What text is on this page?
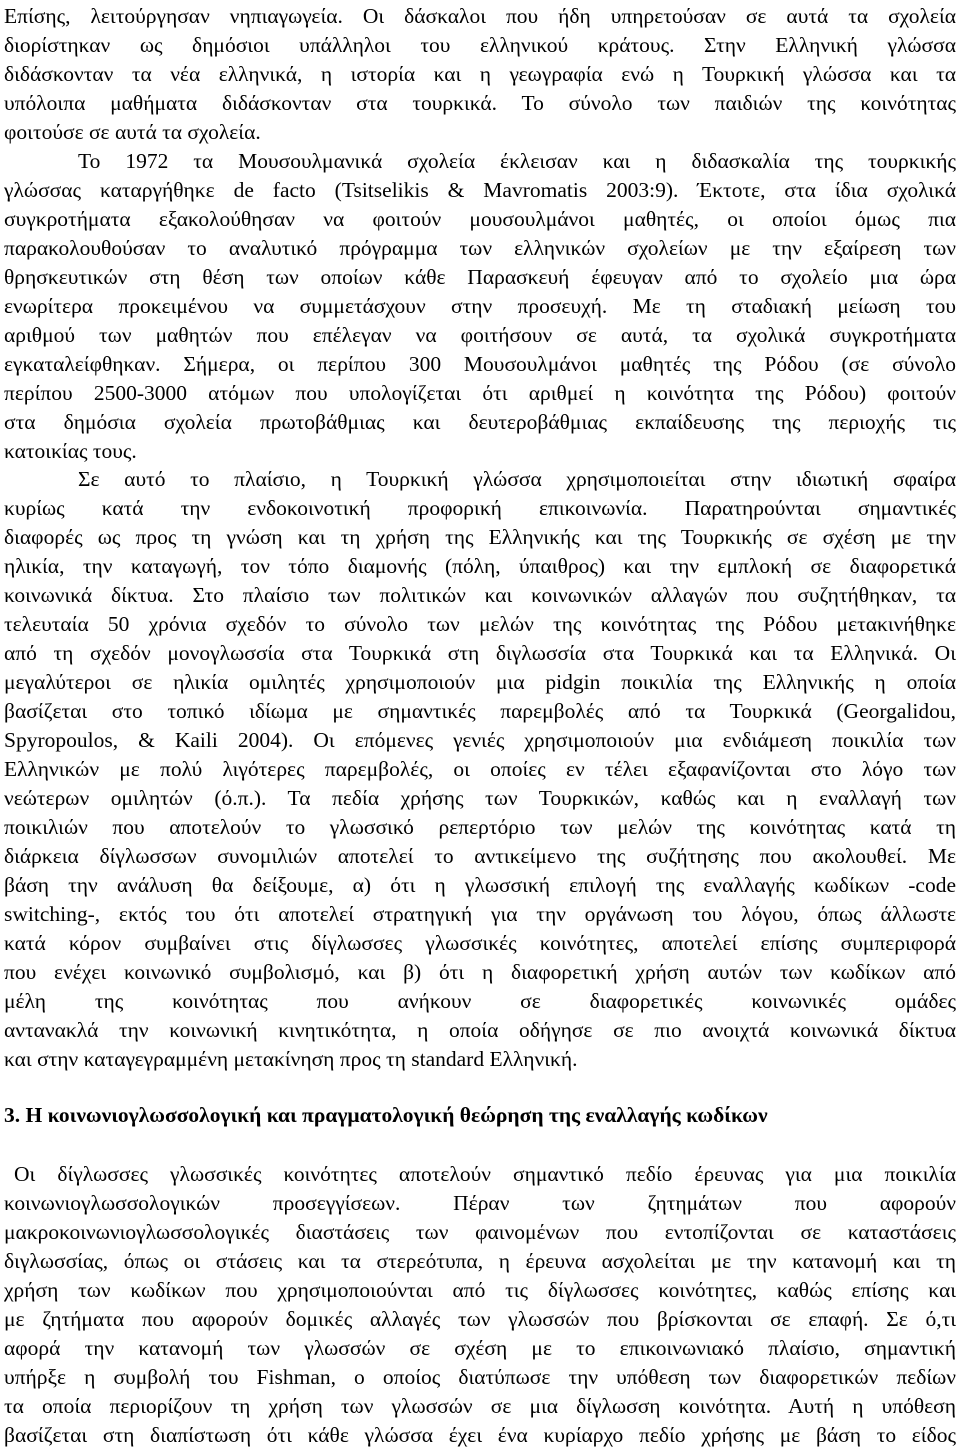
Επίσης, λειτούργησαν νηπιαγωγεία. Οι δάσκαλοι που ήδη υπηρετούσαν σε αυτά τα σχολεία
διορίστηκαν ως δημόσιοι υπάλληλοι του ελληνικού κράτους. Στην Ελληνική γλώσσα
διδάσκονταν τα νέα ελληνικά, η ιστορία και η γεωγραφία ενώ η Τουρκική γλώσσα και τα
υπόλοιπα μαθήματα διδάσκονταν στα τουρκικά. Το σύνολο των παιδιών της κοινότητας
φοιτούσε σε αυτά τα σχολεία.
Το 1972 τα Μουσουλμανικά σχολεία έκλεισαν και η διδασκαλία της τουρκικής
γλώσσας καταργήθηκε de facto (Tsitselikis & Mavromatis 2003:9). Έκτοτε, στα ίδια σχολικά
συγκροτήματα εξακολούθησαν να φοιτούν μουσουλμάνοι μαθητές, οι οποίοι όμως πια
παρακολουθούσαν το αναλυτικό πρόγραμμα των ελληνικών σχολείων με την εξαίρεση των
θρησκευτικών στη θέση των οποίων κάθε Παρασκευή έφευγαν από το σχολείο μια ώρα
ενωρίτερα προκειμένου να συμμετάσχουν στην προσευχή. Με τη σταδιακή μείωση του
αριθμού των μαθητών που επέλεγαν να φοιτήσουν σε αυτά, τα σχολικά συγκροτήματα
εγκαταλείφθηκαν. Σήμερα, οι περίπου 300 Μουσουλμάνοι μαθητές της Ρόδου (σε σύνολο
περίπου 2500-3000 ατόμων που υπολογίζεται ότι αριθμεί η κοινότητα της Ρόδου) φοιτούν
στα δημόσια σχολεία πρωτοβάθμιας και δευτεροβάθμιας εκπαίδευσης της περιοχής τις
κατοικίας τους.
Σε αυτό το πλαίσιο, η Τουρκική γλώσσα χρησιμοποιείται στην ιδιωτική σφαίρα
κυρίως κατά την ενδοκοινοτική προφορική επικοινωνία. Παρατηρούνται σημαντικές
διαφορές ως προς τη γνώση και τη χρήση της Ελληνικής και της Τουρκικής σε σχέση με την
ηλικία, την καταγωγή, τον τόπο διαμονής (πόλη, ύπαιθρος) και την εμπλοκή σε διαφορετικά
κοινωνικά δίκτυα. Στο πλαίσιο των πολιτικών και κοινωνικών αλλαγών που συζητήθηκαν, τα
τελευταία 50 χρόνια σχεδόν το σύνολο των μελών της κοινότητας της Ρόδου μετακινήθηκε
από τη σχεδόν μονογλωσσία στα Τουρκικά στη διγλωσσία στα Τουρκικά και τα Ελληνικά. Οι
μεγαλύτεροι σε ηλικία ομιλητές χρησιμοποιούν μια pidgin ποικιλία της Ελληνικής η οποία
βασίζεται στο τοπικό ιδίωμα με σημαντικές παρεμβολές από τα Τουρκικά (Georgalidou,
Spyropoulos, & Kaili 2004). Οι επόμενες γενιές χρησιμοποιούν μια ενδιάμεση ποικιλία των
Ελληνικών με πολύ λιγότερες παρεμβολές, οι οποίες εν τέλει εξαφανίζονται στο λόγο των
νεώτερων ομιλητών (ό.π.). Τα πεδία χρήσης των Τουρκικών, καθώς και η εναλλαγή των
ποικιλιών που αποτελούν το γλωσσικό ρεπερτόριο των μελών της κοινότητας κατά τη
διάρκεια δίγλωσσων συνομιλιών αποτελεί το αντικείμενο της συζήτησης που ακολουθεί. Με
βάση την ανάλυση θα δείξουμε, α) ότι η γλωσσική επιλογή της εναλλαγής κωδίκων -code
switching-, εκτός του ότι αποτελεί στρατηγική για την οργάνωση του λόγου, όπως άλλωστε
κατά κόρον συμβαίνει στις δίγλωσσες γλωσσικές κοινότητες, αποτελεί επίσης συμπεριφορά
που ενέχει κοινωνικό συμβολισμό, και β) ότι η διαφορετική χρήση αυτών των κωδίκων από
μέλη της κοινότητας που ανήκουν σε διαφορετικές κοινωνικές ομάδες
αντανακλά την κοινωνική κινητικότητα, η οποία οδήγησε σε πιο ανοιχτά κοινωνικά δίκτυα
και στην καταγεγραμμένη μετακίνηση προς τη standard Ελληνική.
3. Η κοινωνιογλωσσολογική και πραγματολογική θεώρηση της εναλλαγής κωδίκων
Οι δίγλωσσες γλωσσικές κοινότητες αποτελούν σημαντικό πεδίο έρευνας για μια ποικιλία
κοινωνιογλωσσολογικών προσεγγίσεων. Πέραν των ζητημάτων που αφορούν
μακροκοινωνιογλωσσολογικές διαστάσεις των φαινομένων που εντοπίζονται σε καταστάσεις
διγλωσσίας, όπως οι στάσεις και τα στερεότυπα, η έρευνα ασχολείται με την κατανομή και τη
χρήση των κωδίκων που χρησιμοποιούνται από τις δίγλωσσες κοινότητες, καθώς επίσης και
με ζητήματα που αφορούν δομικές αλλαγές των γλωσσών που βρίσκονται σε επαφή. Σε ό,τι
αφορά την κατανομή των γλωσσών σε σχέση με το επικοινωνιακό πλαίσιο, σημαντική
υπήρξε η συμβολή του Fishman, ο οποίος διατύπωσε την υπόθεση των διαφορετικών πεδίων
τα οποία περιορίζουν τη χρήση των γλωσσών σε μια δίγλωσση κοινότητα. Αυτή η υπόθεση
βασίζεται στη διαπίστωση ότι κάθε γλώσσα έχει ένα κυρίαρχο πεδίο χρήσης με βάση το είδος
